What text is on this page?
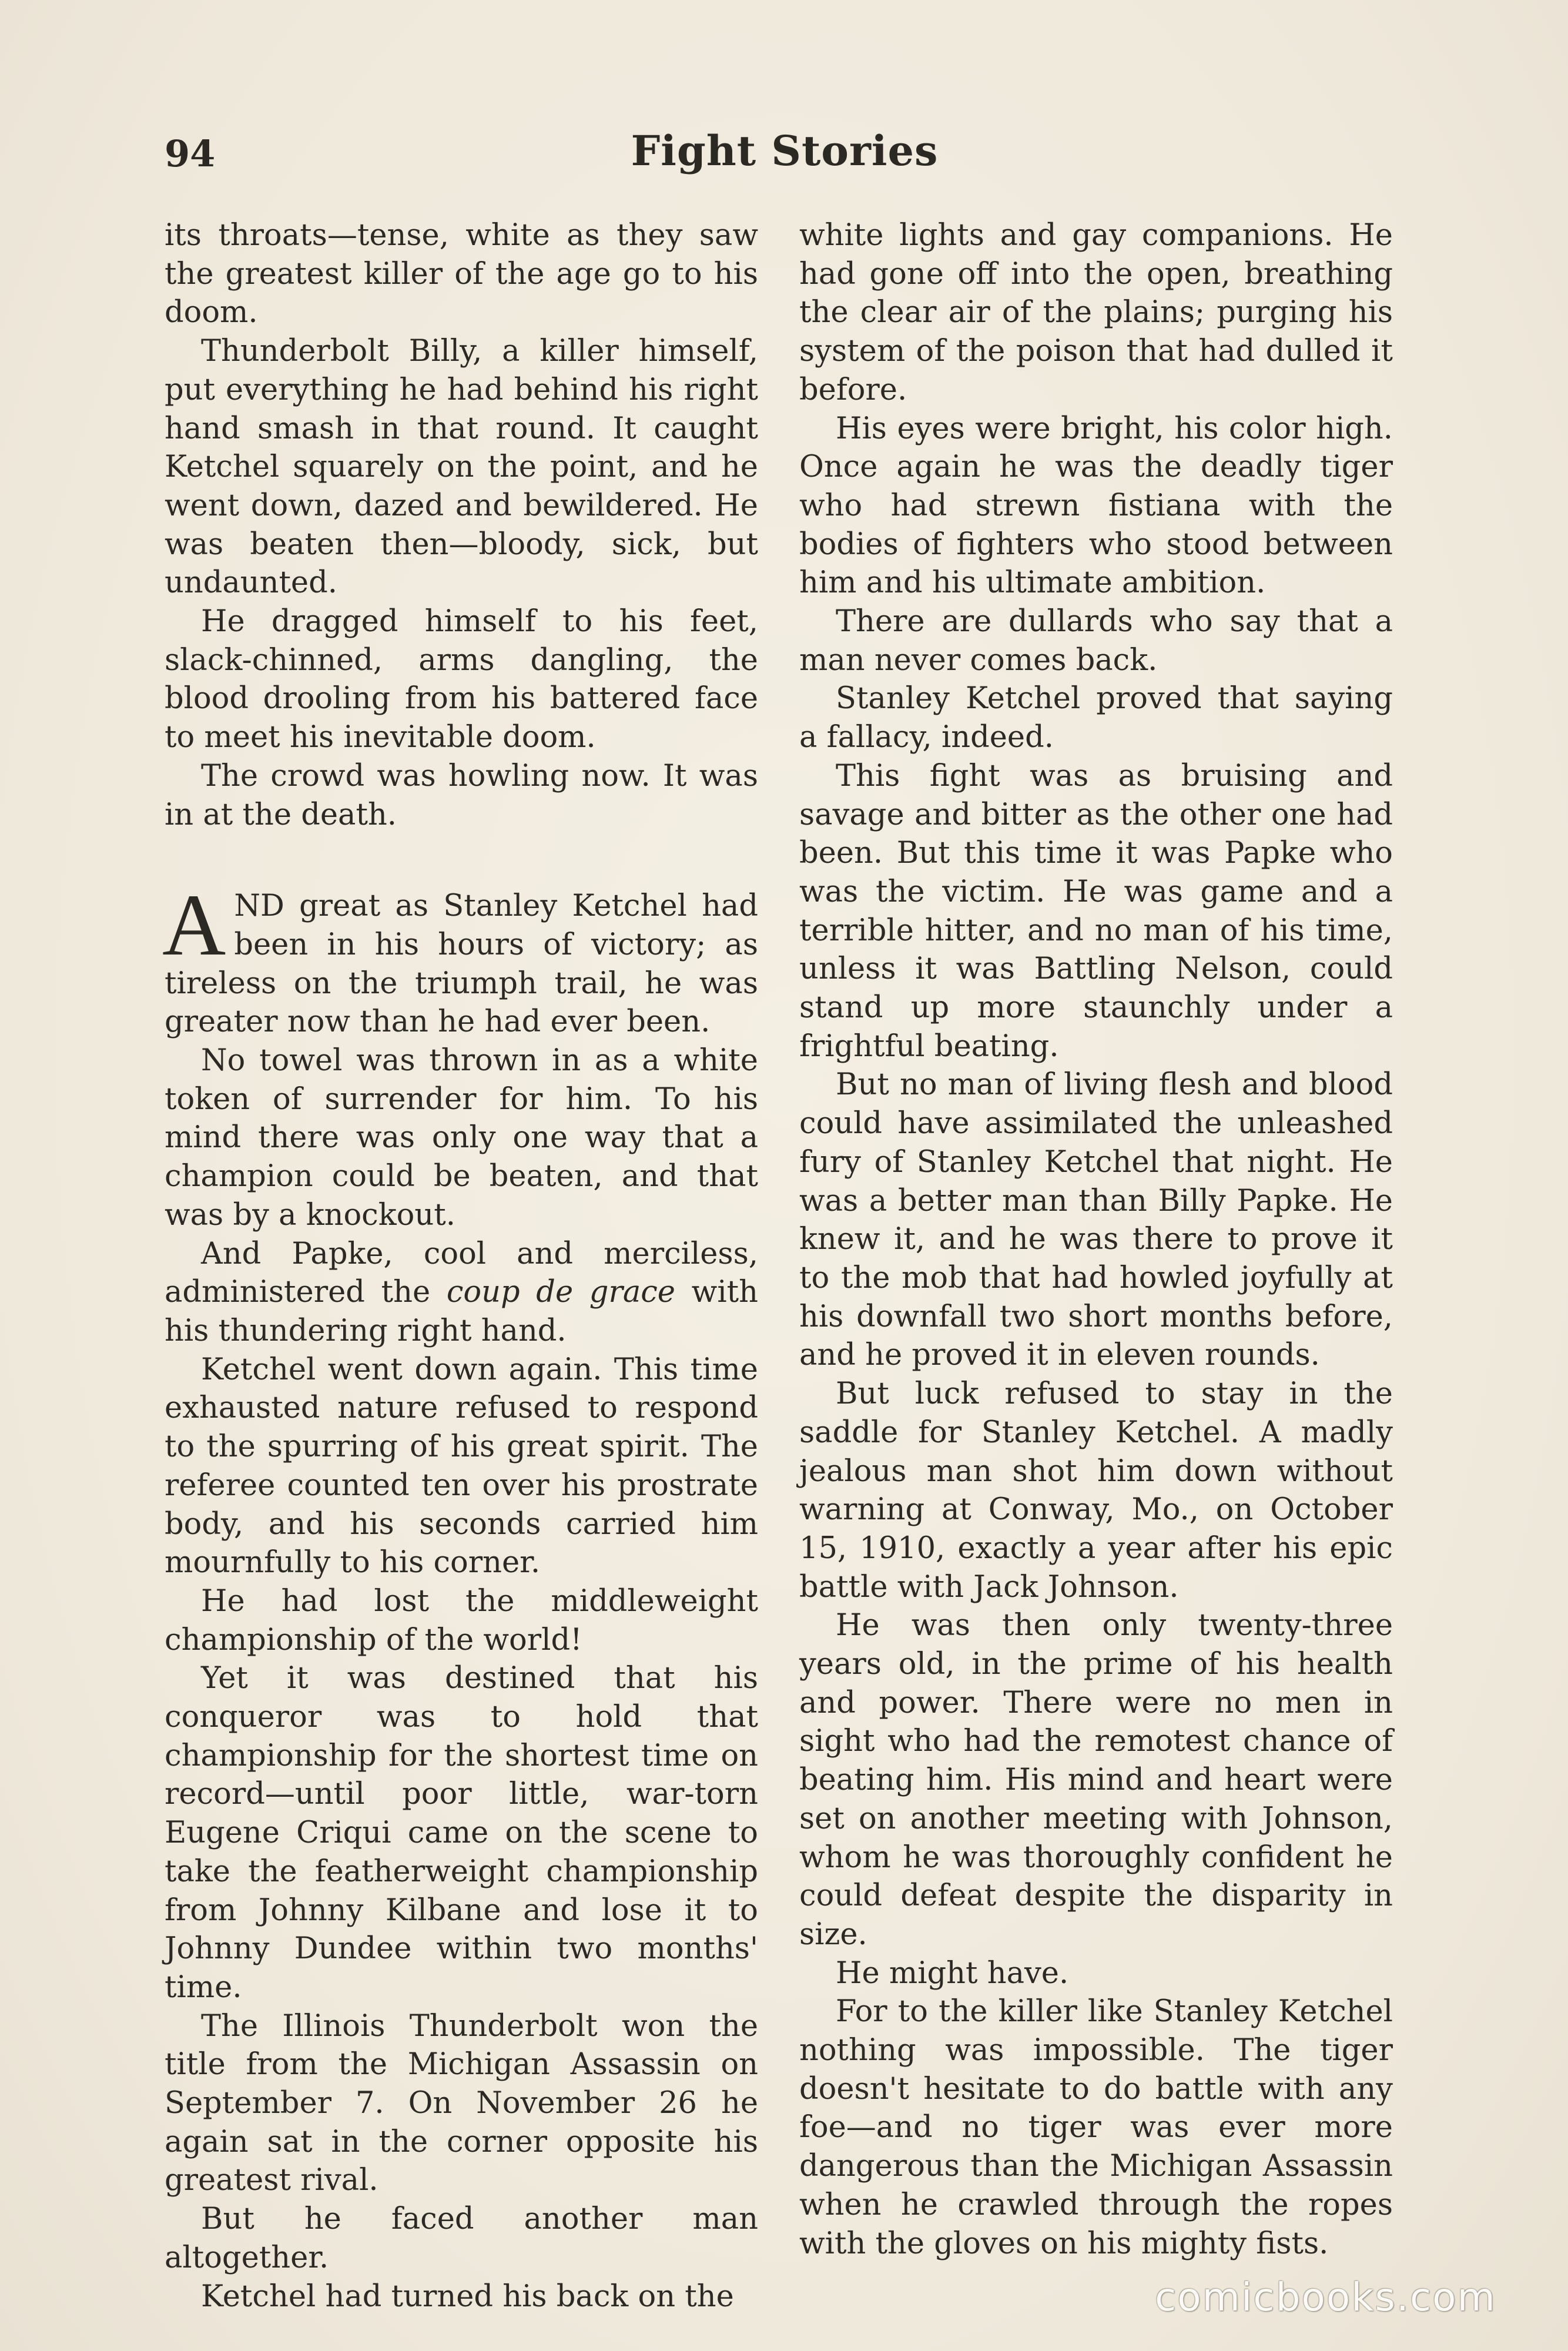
94	Fight Stories

its throats—tense, white as they saw the greatest killer of the age go to his doom.

Thunderbolt Billy, a killer himself, put everything he had behind his right hand smash in that round. It caught Ketchel squarely on the point, and he went down, dazed and bewildered. He was beaten then—bloody, sick, but undaunted.

He dragged himself to his feet, slack-chinned, arms dangling, the blood drooling from his battered face to meet his inevitable doom.

The crowd was howling now. It was in at the death.

AND great as Stanley Ketchel had been in his hours of victory; as tireless on the triumph trail, he was greater now than he had ever been.

No towel was thrown in as a white token of surrender for him. To his mind there was only one way that a champion could be beaten, and that was by a knockout.

And Papke, cool and merciless, administered the coup de grace with his thundering right hand.

Ketchel went down again. This time exhausted nature refused to respond to the spurring of his great spirit. The referee counted ten over his prostrate body, and his seconds carried him mournfully to his corner.

He had lost the middleweight championship of the world!

Yet it was destined that his conqueror was to hold that championship for the shortest time on record—until poor little, war-torn Eugene Criqui came on the scene to take the featherweight championship from Johnny Kilbane and lose it to Johnny Dundee within two months' time.

The Illinois Thunderbolt won the title from the Michigan Assassin on September 7. On November 26 he again sat in the corner opposite his greatest rival.

But he faced another man altogether.

Ketchel had turned his back on the

white lights and gay companions. He had gone off into the open, breathing the clear air of the plains; purging his system of the poison that had dulled it before.

His eyes were bright, his color high. Once again he was the deadly tiger who had strewn fistiana with the bodies of fighters who stood between him and his ultimate ambition.

There are dullards who say that a man never comes back.

Stanley Ketchel proved that saying a fallacy, indeed.

This fight was as bruising and savage and bitter as the other one had been. But this time it was Papke who was the victim. He was game and a terrible hitter, and no man of his time, unless it was Battling Nelson, could stand up more staunchly under a frightful beating.

But no man of living flesh and blood could have assimilated the unleashed fury of Stanley Ketchel that night. He was a better man than Billy Papke. He knew it, and he was there to prove it to the mob that had howled joyfully at his downfall two short months before, and he proved it in eleven rounds.

But luck refused to stay in the saddle for Stanley Ketchel. A madly jealous man shot him down without warning at Conway, Mo., on October 15, 1910, exactly a year after his epic battle with Jack Johnson.

He was then only twenty-three years old, in the prime of his health and power. There were no men in sight who had the remotest chance of beating him. His mind and heart were set on another meeting with Johnson, whom he was thoroughly confident he could defeat despite the disparity in size.

He might have.

For to the killer like Stanley Ketchel nothing was impossible. The tiger doesn't hesitate to do battle with any foe—and no tiger was ever more dangerous than the Michigan Assassin when he crawled through the ropes with the gloves on his mighty fists.

comicbooks.com
